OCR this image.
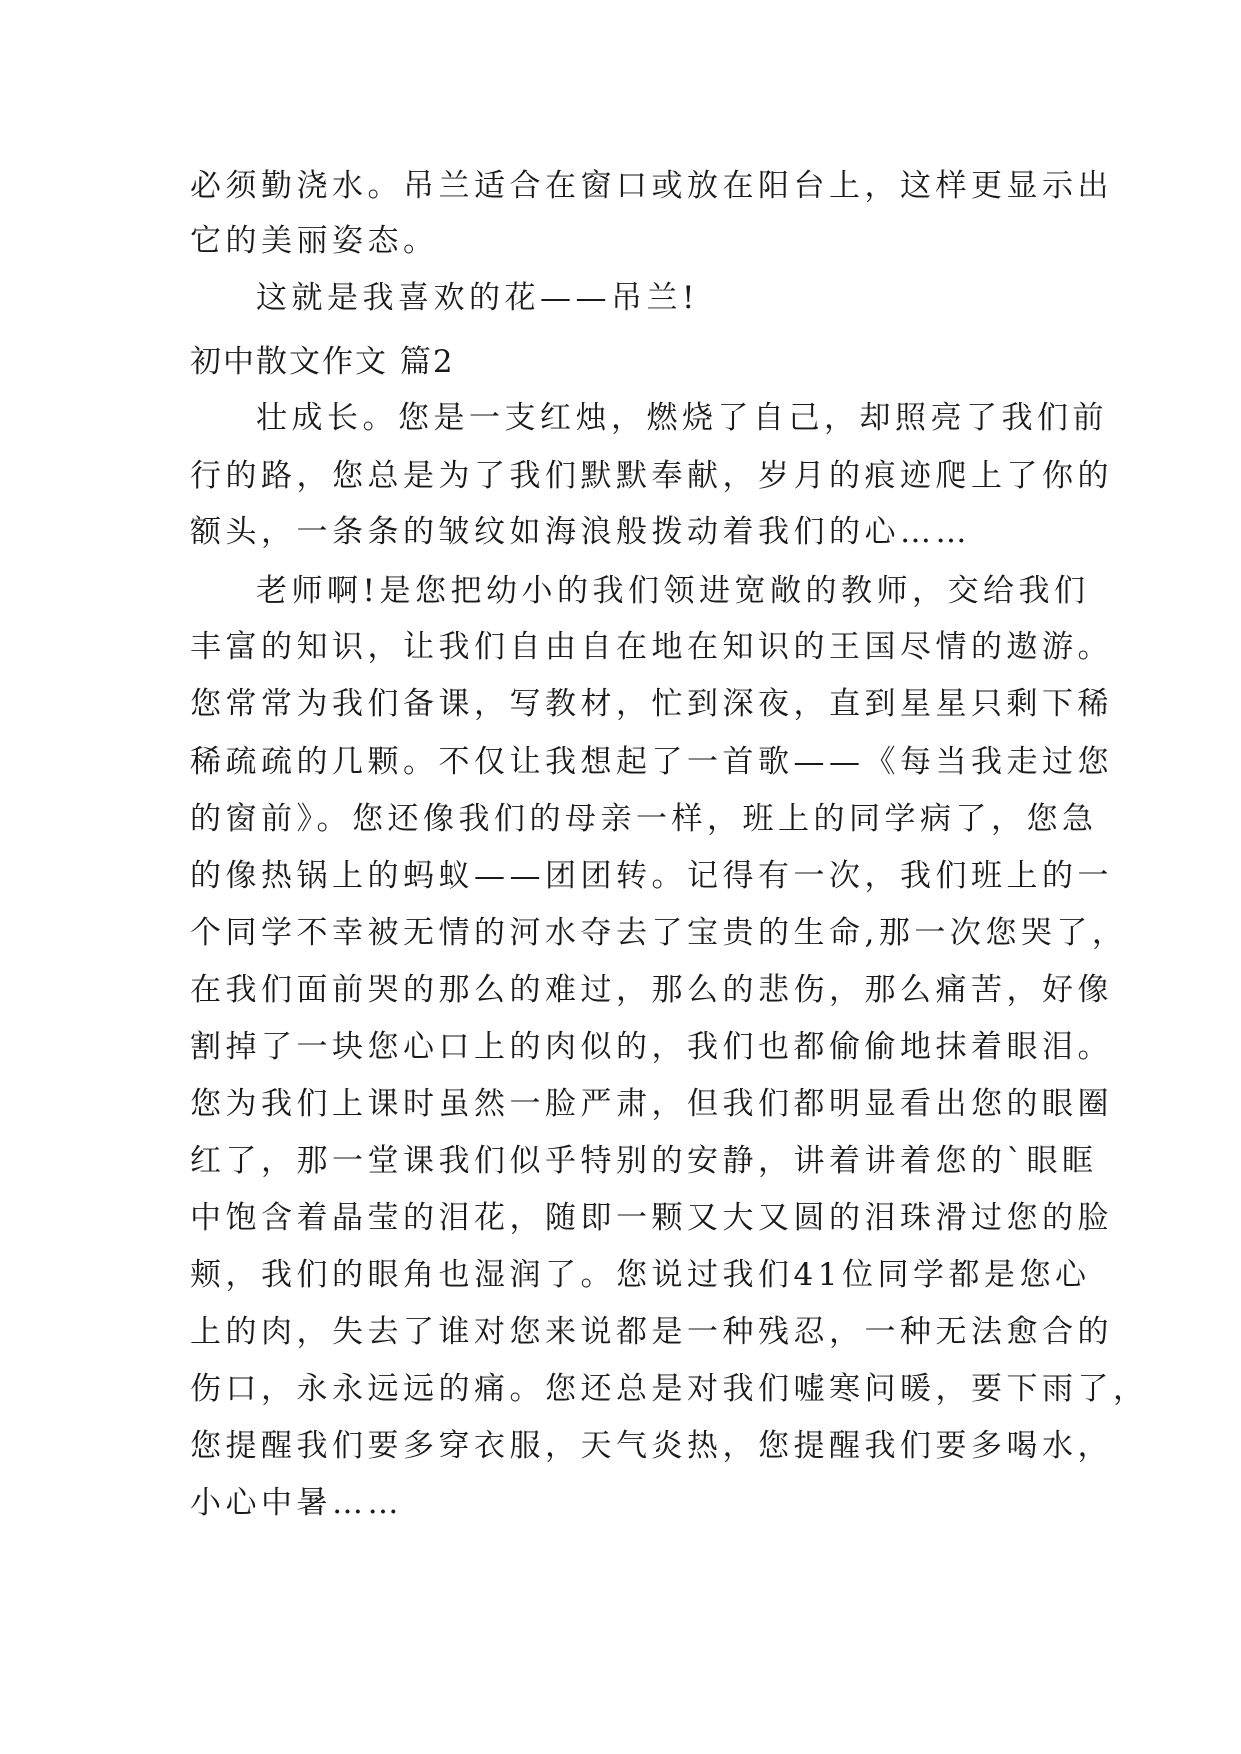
必须勤浇水。吊兰适合在窗口或放在阳台上，这样更显示出
它的美丽姿态。
这就是我喜欢的花——吊兰!
初中散文作文 篇2
壮成长。您是一支红烛，燃烧了自己，却照亮了我们前
行的路，您总是为了我们默默奉献，岁月的痕迹爬上了你的
额头，一条条的皱纹如海浪般拨动着我们的心……
老师啊!是您把幼小的我们领进宽敞的教师，交给我们
丰富的知识，让我们自由自在地在知识的王国尽情的遨游。
您常常为我们备课，写教材，忙到深夜，直到星星只剩下稀
稀疏疏的几颗。不仅让我想起了一首歌——《每当我走过您
的窗前》。您还像我们的母亲一样，班上的同学病了，您急
的像热锅上的蚂蚁——团团转。记得有一次，我们班上的一
个同学不幸被无情的河水夺去了宝贵的生命,那一次您哭了，
在我们面前哭的那么的难过，那么的悲伤，那么痛苦，好像
割掉了一块您心口上的肉似的，我们也都偷偷地抹着眼泪。
您为我们上课时虽然一脸严肃，但我们都明显看出您的眼圈
红了，那一堂课我们似乎特别的安静，讲着讲着您的`眼眶
中饱含着晶莹的泪花，随即一颗又大又圆的泪珠滑过您的脸
颊，我们的眼角也湿润了。您说过我们41位同学都是您心
上的肉，失去了谁对您来说都是一种残忍，一种无法愈合的
伤口，永永远远的痛。您还总是对我们嘘寒问暖，要下雨了，
您提醒我们要多穿衣服，天气炎热，您提醒我们要多喝水，
小心中暑……
